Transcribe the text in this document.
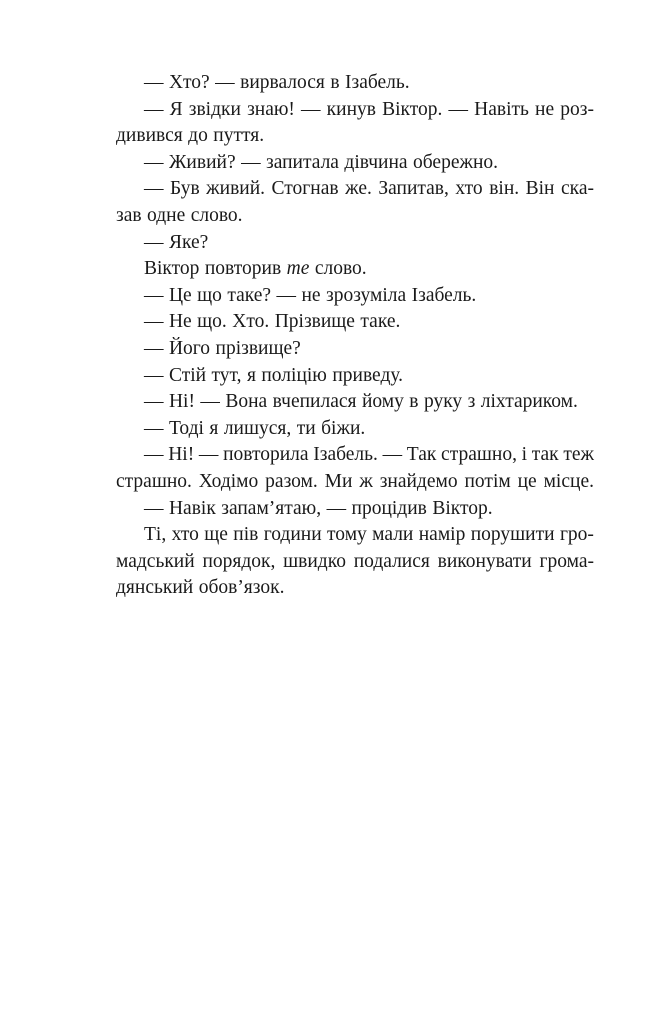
— Хто? — вирвалося в Ізабель.
— Я звідки знаю! — кинув Віктор. — Навіть не роз-
дивився до пуття.
— Живий? — запитала дівчина обережно.
— Був живий. Стогнав же. Запитав, хто він. Він ска-
зав одне слово.
— Яке?
Віктор повторив те слово.
— Це що таке? — не зрозуміла Ізабель.
— Не що. Хто. Прізвище таке.
— Його прізвище?
— Стій тут, я поліцію приведу.
— Ні! — Вона вчепилася йому в руку з ліхтариком.
— Тоді я лишуся, ти біжи.
— Ні! — повторила Ізабель. — Так страшно, і так теж
страшно. Ходімо разом. Ми ж знайдемо потім це місце.
— Навік запам’ятаю, — процідив Віктор.
Ті, хто ще пів години тому мали намір порушити гро-
мадський порядок, швидко подалися виконувати грома-
дянський обов’язок.
